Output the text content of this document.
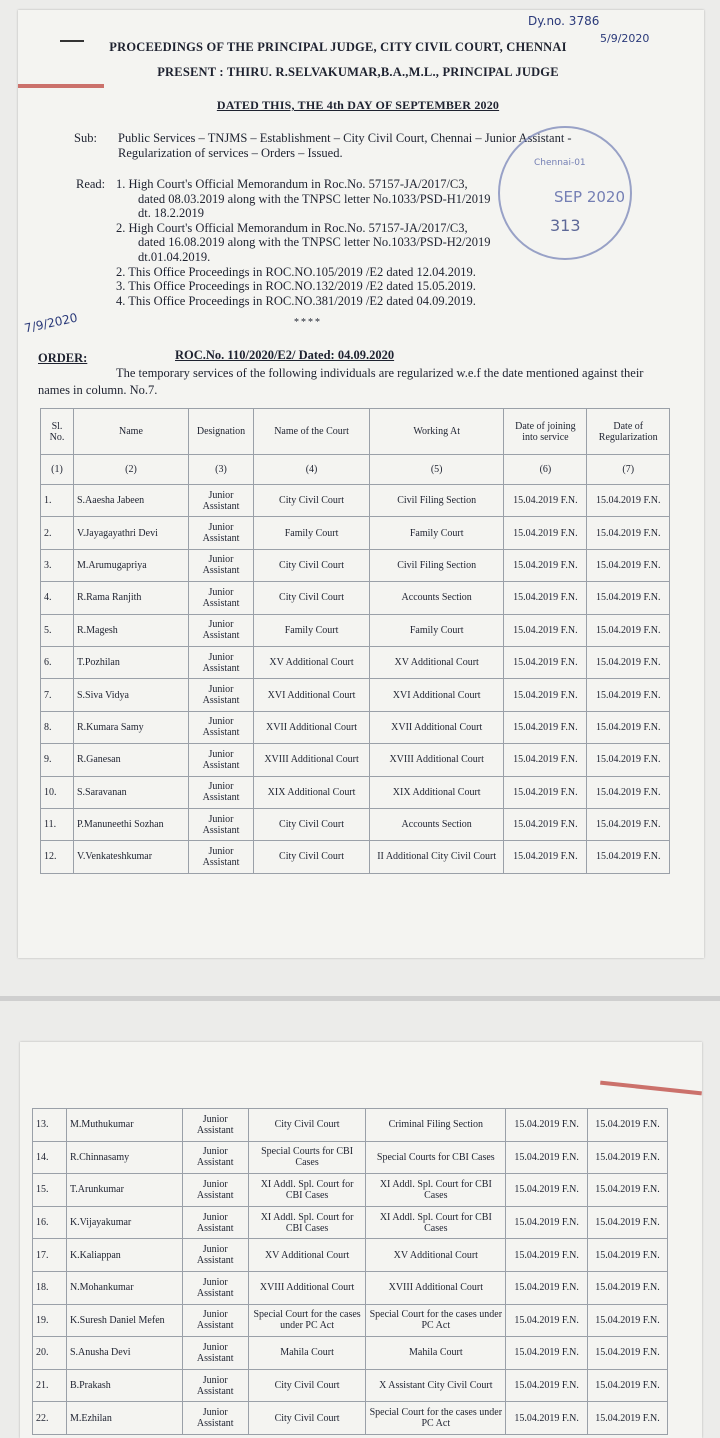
Dy.no. 3786
5/9/2020
PROCEEDINGS OF THE PRINCIPAL JUDGE, CITY CIVIL COURT, CHENNAI
PRESENT : THIRU. R.SELVAKUMAR,B.A.,M.L., PRINCIPAL JUDGE
DATED THIS, THE 4th DAY OF SEPTEMBER 2020
Sub: Public Services – TNJMS – Establishment – City Civil Court, Chennai – Junior Assistant - Regularization of services – Orders – Issued.
Read: 1. High Court's Official Memorandum in Roc.No. 57157-JA/2017/C3,
dated 08.03.2019 along with the TNPSC letter No.1033/PSD-H1/2019
dt. 18.2.2019
2. High Court's Official Memorandum in Roc.No. 57157-JA/2017/C3,
dated 16.08.2019 along with the TNPSC letter No.1033/PSD-H2/2019
dt.01.04.2019.
2. This Office Proceedings in ROC.NO.105/2019 /E2 dated 12.04.2019.
3. This Office Proceedings in ROC.NO.132/2019 /E2 dated 15.05.2019.
4. This Office Proceedings in ROC.NO.381/2019 /E2 dated 04.09.2019.
****
Chennai-01
SEP 2020
313
7/9/2020
ORDER:	ROC.No. 110/2020/E2/ Dated: 04.09.2020
The temporary services of the following individuals are regularized w.e.f the date mentioned against their names in column. No.7.
Sl. No.	Name	Designation	Name of the Court	Working At	Date of joining into service	Date of Regularization
(1)	(2)	(3)	(4)	(5)	(6)	(7)
1.	S.Aaesha Jabeen	Junior Assistant	City Civil Court	Civil Filing Section	15.04.2019 F.N.	15.04.2019 F.N.
2.	V.Jayagayathri Devi	Junior Assistant	Family Court	Family Court	15.04.2019 F.N.	15.04.2019 F.N.
3.	M.Arumugapriya	Junior Assistant	City Civil Court	Civil Filing Section	15.04.2019 F.N.	15.04.2019 F.N.
4.	R.Rama Ranjith	Junior Assistant	City Civil Court	Accounts Section	15.04.2019 F.N.	15.04.2019 F.N.
5.	R.Magesh	Junior Assistant	Family Court	Family Court	15.04.2019 F.N.	15.04.2019 F.N.
6.	T.Pozhilan	Junior Assistant	XV Additional Court	XV Additional Court	15.04.2019 F.N.	15.04.2019 F.N.
7.	S.Siva Vidya	Junior Assistant	XVI Additional Court	XVI Additional Court	15.04.2019 F.N.	15.04.2019 F.N.
8.	R.Kumara Samy	Junior Assistant	XVII Additional Court	XVII Additional Court	15.04.2019 F.N.	15.04.2019 F.N.
9.	R.Ganesan	Junior Assistant	XVIII Additional Court	XVIII Additional Court	15.04.2019 F.N.	15.04.2019 F.N.
10.	S.Saravanan	Junior Assistant	XIX Additional Court	XIX Additional Court	15.04.2019 F.N.	15.04.2019 F.N.
11.	P.Manuneethi Sozhan	Junior Assistant	City Civil Court	Accounts Section	15.04.2019 F.N.	15.04.2019 F.N.
12.	V.Venkateshkumar	Junior Assistant	City Civil Court	II Additional City Civil Court	15.04.2019 F.N.	15.04.2019 F.N.
13.	M.Muthukumar	Junior Assistant	City Civil Court	Criminal Filing Section	15.04.2019 F.N.	15.04.2019 F.N.
14.	R.Chinnasamy	Junior Assistant	Special Courts for CBI Cases	Special Courts for CBI Cases	15.04.2019 F.N.	15.04.2019 F.N.
15.	T.Arunkumar	Junior Assistant	XI Addl. Spl. Court for CBI Cases	XI Addl. Spl. Court for CBI Cases	15.04.2019 F.N.	15.04.2019 F.N.
16.	K.Vijayakumar	Junior Assistant	XI Addl. Spl. Court for CBI Cases	XI Addl. Spl. Court for CBI Cases	15.04.2019 F.N.	15.04.2019 F.N.
17.	K.Kaliappan	Junior Assistant	XV Additional Court	XV Additional Court	15.04.2019 F.N.	15.04.2019 F.N.
18.	N.Mohankumar	Junior Assistant	XVIII Additional Court	XVIII Additional Court	15.04.2019 F.N.	15.04.2019 F.N.
19.	K.Suresh Daniel Mefen	Junior Assistant	Special Court for the cases under PC Act	Special Court for the cases under PC Act	15.04.2019 F.N.	15.04.2019 F.N.
20.	S.Anusha Devi	Junior Assistant	Mahila Court	Mahila Court	15.04.2019 F.N.	15.04.2019 F.N.
21.	B.Prakash	Junior Assistant	City Civil Court	X Assistant City Civil Court	15.04.2019 F.N.	15.04.2019 F.N.
22.	M.Ezhilan	Junior Assistant	City Civil Court	Special Court for the cases under PC Act	15.04.2019 F.N.	15.04.2019 F.N.
